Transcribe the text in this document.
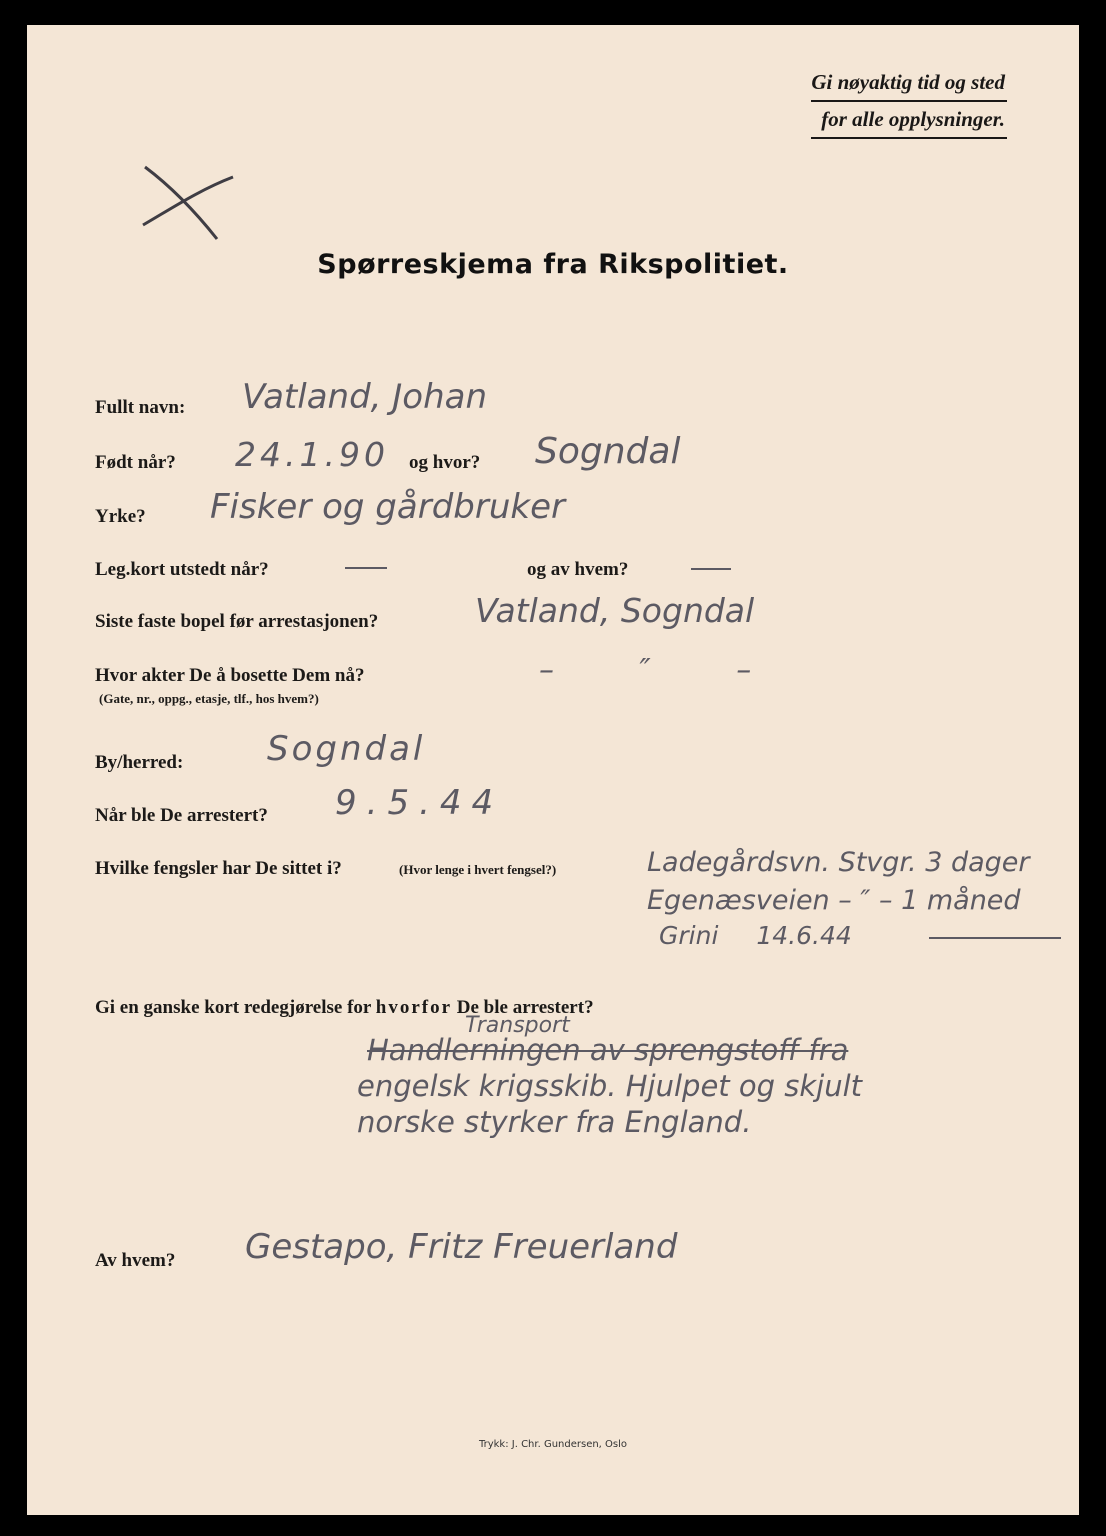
Gi nøyaktig tid og sted
for alle opplysninger.
Spørreskjema fra Rikspolitiet.
Fullt navn: Vatland, Johan
Født når? 24.1.90 og hvor? Sogndal
Yrke? Fisker og gårdbruker
Leg.kort utstedt når?	og av hvem?
Siste faste bopel før arrestasjonen?	Vatland, Sogndal
Hvor akter De å bosette Dem nå?
(Gate, nr., oppg., etasje, tlf., hos hvem?)
– ″ –
By/herred: Sogndal
Når ble De arrestert? 9.5.44
Hvilke fengsler har De sittet i?	(Hvor lenge i hvert fengsel?)	Ladegårdsvn. Stvgr. 3 dager
Egenæsveien – ″ – 1 måned
Grini 14.6.44
Gi en ganske kort redegjørelse for hvorfor De ble arrestert?
Transport
Handlerningen av sprengstoff fra
engelsk krigsskib. Hjulpet og skjult
norske styrker fra England.
Av hvem? Gestapo, Fritz Freuerland
Trykk: J. Chr. Gundersen, Oslo
